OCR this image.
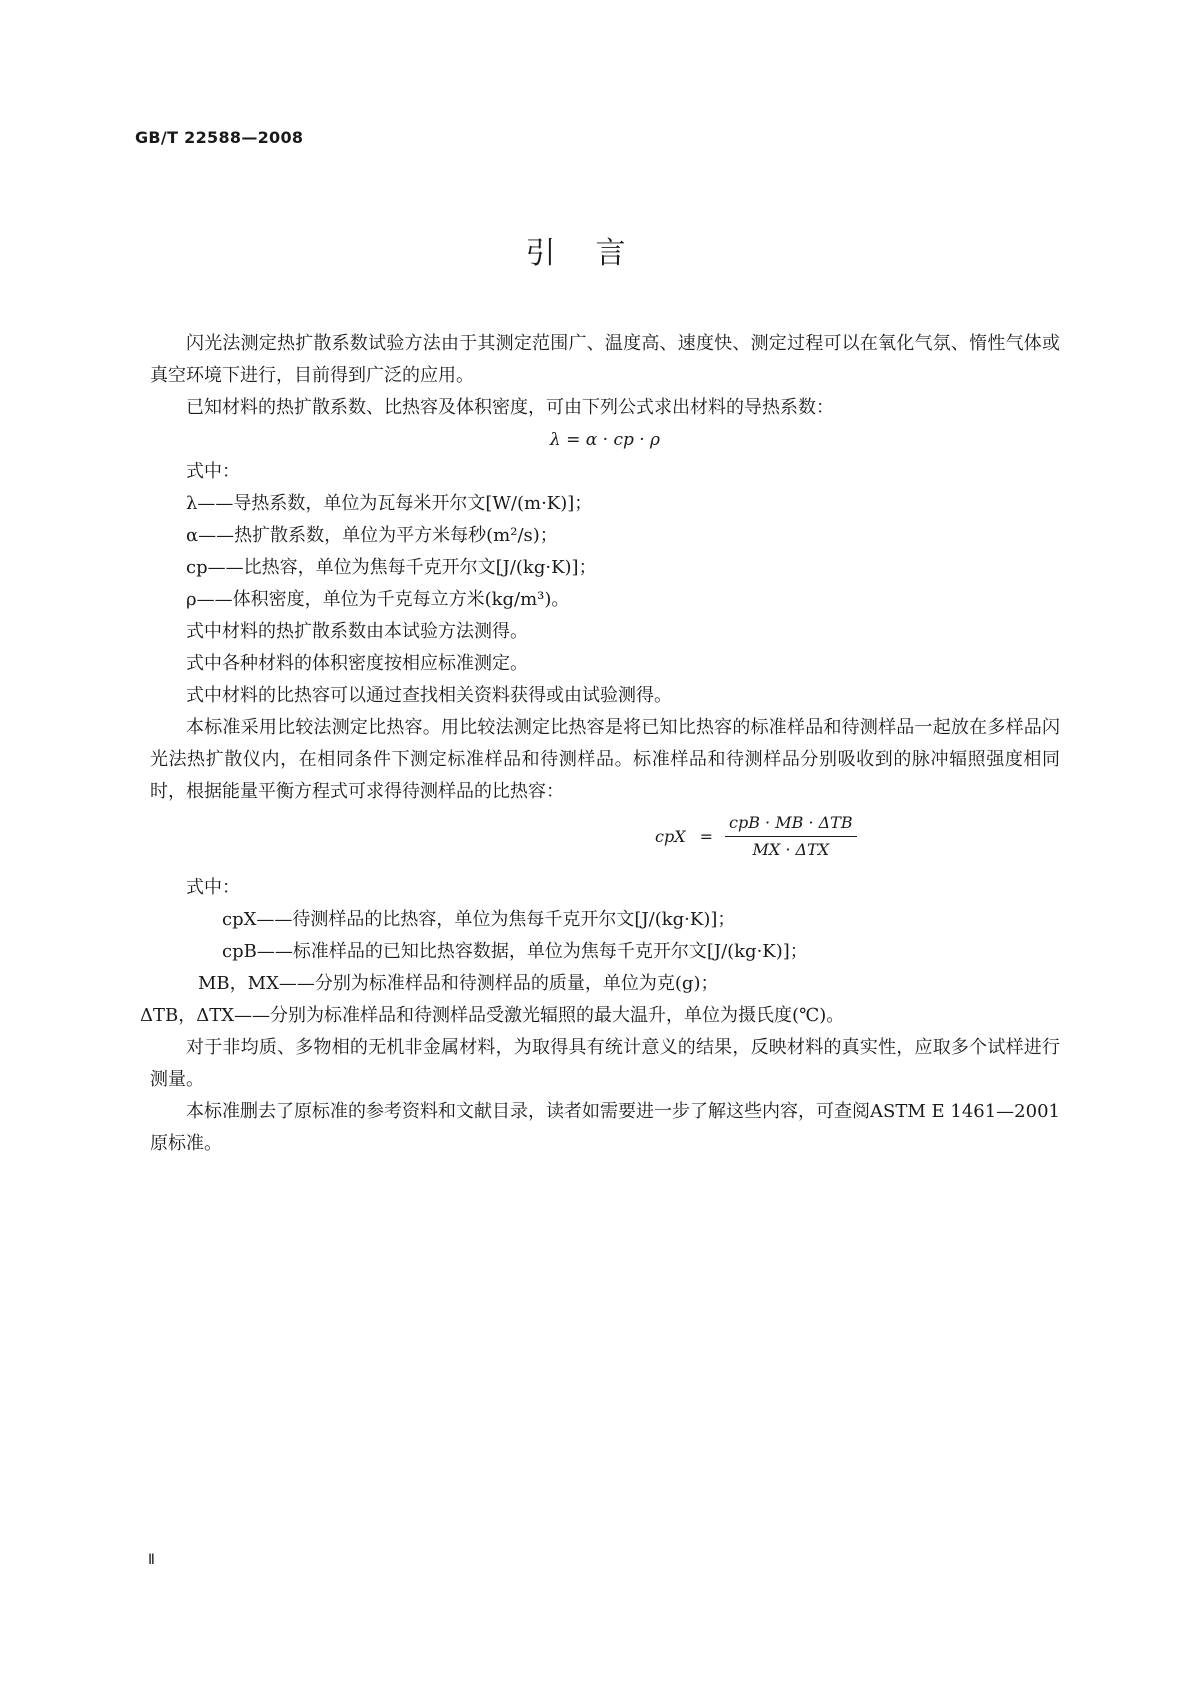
GB/T 22588—2008
引言

闪光法测定热扩散系数试验方法由于其测定范围广、温度高、速度快、测定过程可以在氧化气氛、惰性气体或真空环境下进行，目前得到广泛的应用。

已知材料的热扩散系数、比热容及体积密度，可由下列公式求出材料的导热系数：

λ = α · cp · ρ

式中：

λ——导热系数，单位为瓦每米开尔文[W/(m·K)]；

α——热扩散系数，单位为平方米每秒(m²/s)；

cp——比热容，单位为焦每千克开尔文[J/(kg·K)]；

ρ——体积密度，单位为千克每立方米(kg/m³)。

式中材料的热扩散系数由本试验方法测得。

式中各种材料的体积密度按相应标准测定。

式中材料的比热容可以通过查找相关资料获得或由试验测得。

本标准采用比较法测定比热容。用比较法测定比热容是将已知比热容的标准样品和待测样品一起放在多样品闪光法热扩散仪内，在相同条件下测定标准样品和待测样品。标准样品和待测样品分别吸收到的脉冲辐照强度相同时，根据能量平衡方程式可求得待测样品的比热容：

cpX = $\frac{\text{cpB · MB · ΔTB}}{\text{MX · ΔTX}}$

式中：

cpX——待测样品的比热容，单位为焦每千克开尔文[J/(kg·K)]；

cpB——标准样品的已知比热容数据，单位为焦每千克开尔文[J/(kg·K)]；

MB，MX——分别为标准样品和待测样品的质量，单位为克(g)；

ΔTB，ΔTX——分别为标准样品和待测样品受激光辐照的最大温升，单位为摄氏度(℃)。

对于非均质、多物相的无机非金属材料，为取得具有统计意义的结果，反映材料的真实性，应取多个试样进行测量。

本标准删去了原标准的参考资料和文献目录，读者如需要进一步了解这些内容，可查阅ASTM E 1461—2001原标准。

Ⅱ
